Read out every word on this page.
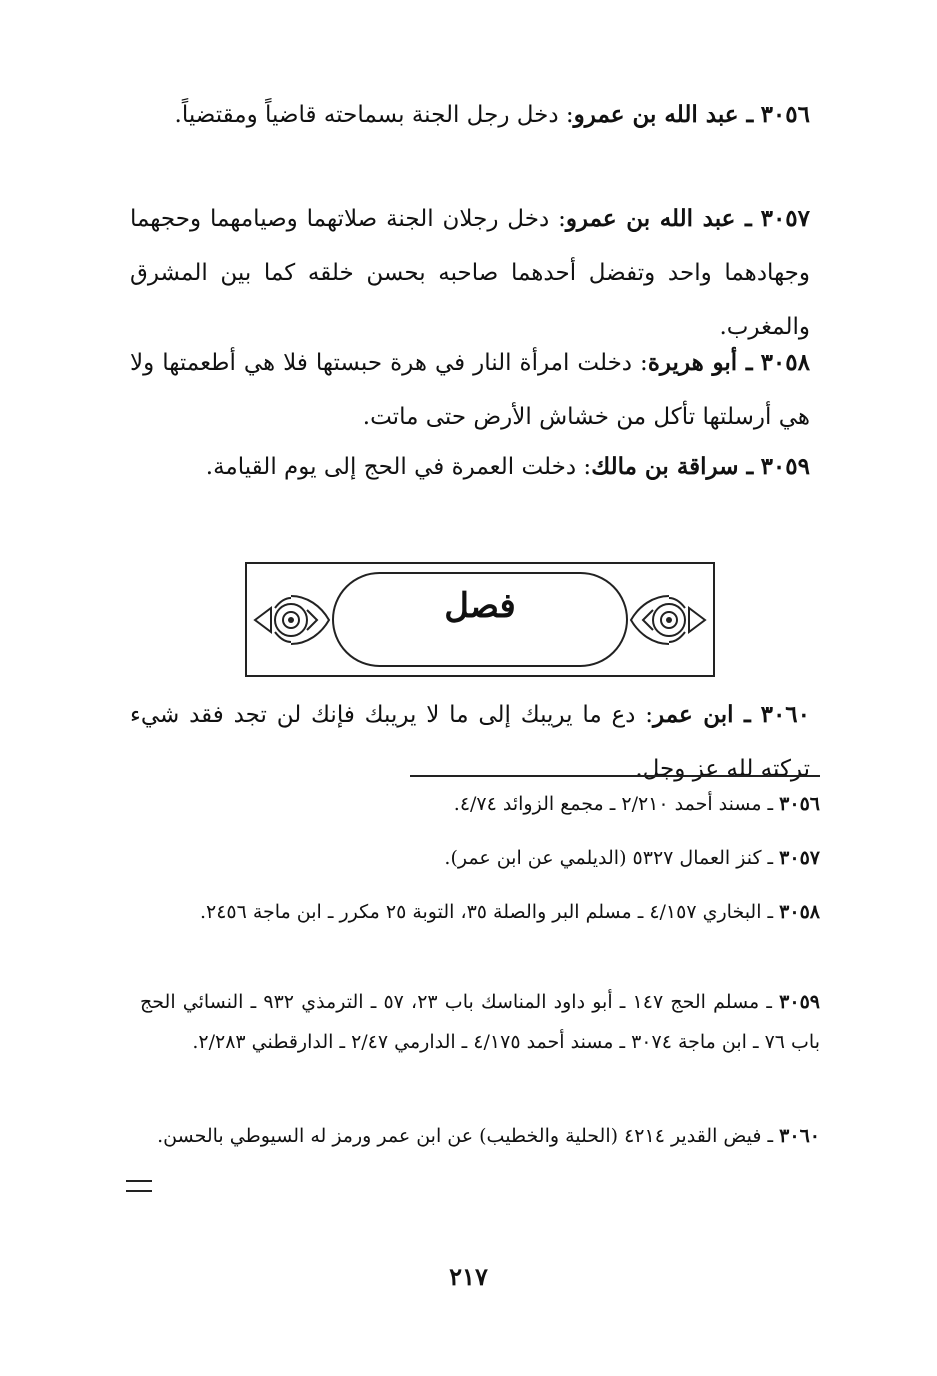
٣٠٥٦ ـ عبد الله بن عمرو: دخل رجل الجنة بسماحته قاضياً ومقتضياً.
٣٠٥٧ ـ عبد الله بن عمرو: دخل رجلان الجنة صلاتهما وصيامهما وحجهما وجهادهما واحد وتفضل أحدهما صاحبه بحسن خلقه كما بين المشرق والمغرب.
٣٠٥٨ ـ أبو هريرة: دخلت امرأة النار في هرة حبستها فلا هي أطعمتها ولا هي أرسلتها تأكل من خشاش الأرض حتى ماتت.
٣٠٥٩ ـ سراقة بن مالك: دخلت العمرة في الحج إلى يوم القيامة.
فصل
٣٠٦٠ ـ ابن عمر: دع ما يريبك إلى ما لا يريبك فإنك لن تجد فقد شيء تركته لله عز وجل.
٣٠٥٦ ـ مسند أحمد ٢/٢١٠ ـ مجمع الزوائد ٤/٧٤.
٣٠٥٧ ـ كنز العمال ٥٣٢٧ (الديلمي عن ابن عمر).
٣٠٥٨ ـ البخاري ٤/١٥٧ ـ مسلم البر والصلة ٣٥، التوبة ٢٥ مكرر ـ ابن ماجة ٢٤٥٦.
٣٠٥٩ ـ مسلم الحج ١٤٧ ـ أبو داود المناسك باب ٢٣، ٥٧ ـ الترمذي ٩٣٢ ـ النسائي الحج باب ٧٦ ـ ابن ماجة ٣٠٧٤ ـ مسند أحمد ٤/١٧٥ ـ الدارمي ٢/٤٧ ـ الدارقطني ٢/٢٨٣.
٣٠٦٠ ـ فيض القدير ٤٢١٤ (الحلية والخطيب) عن ابن عمر ورمز له السيوطي بالحسن.
٢١٧
